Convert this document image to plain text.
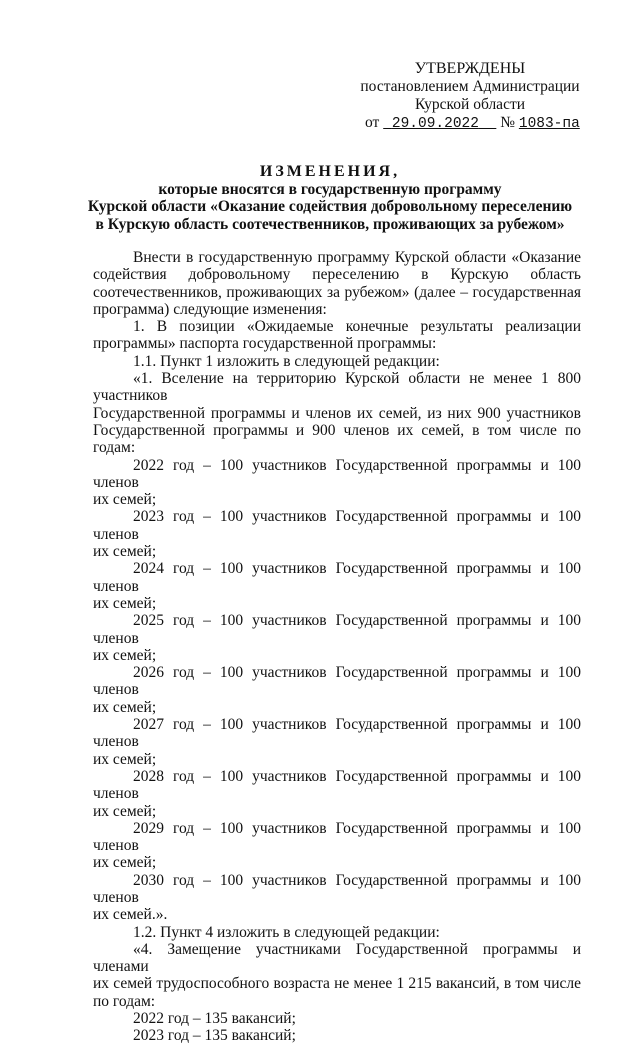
УТВЕРЖДЕНЫ
постановлением Администрации
Курской области
от 29.09.2022 № 1083-па
ИЗМЕНЕНИЯ,
которые вносятся в государственную программу
Курской области «Оказание содействия добровольному переселению
в Курскую область соотечественников, проживающих за рубежом»

Внести в государственную программу Курской области «Оказание

содействия добровольному переселению в Курскую область

соотечественников, проживающих за рубежом» (далее – государственная

программа) следующие изменения:

1. В позиции «Ожидаемые конечные результаты реализации

программы» паспорта государственной программы:

1.1. Пункт 1 изложить в следующей редакции:

«1. Вселение на территорию Курской области не менее 1 800 участников

Государственной программы и членов их семей, из них 900 участников

Государственной программы и 900 членов их семей, в том числе по годам:

2022 год – 100 участников Государственной программы и 100 членов

их семей;

2023 год – 100 участников Государственной программы и 100 членов

их семей;

2024 год – 100 участников Государственной программы и 100 членов

их семей;

2025 год – 100 участников Государственной программы и 100 членов

их семей;

2026 год – 100 участников Государственной программы и 100 членов

их семей;

2027 год – 100 участников Государственной программы и 100 членов

их семей;

2028 год – 100 участников Государственной программы и 100 членов

их семей;

2029 год – 100 участников Государственной программы и 100 членов

их семей;

2030 год – 100 участников Государственной программы и 100 членов

их семей.».

1.2. Пункт 4 изложить в следующей редакции:

«4. Замещение участниками Государственной программы и членами

их семей трудоспособного возраста не менее 1 215 вакансий, в том числе

по годам:

2022 год – 135 вакансий;

2023 год – 135 вакансий;
